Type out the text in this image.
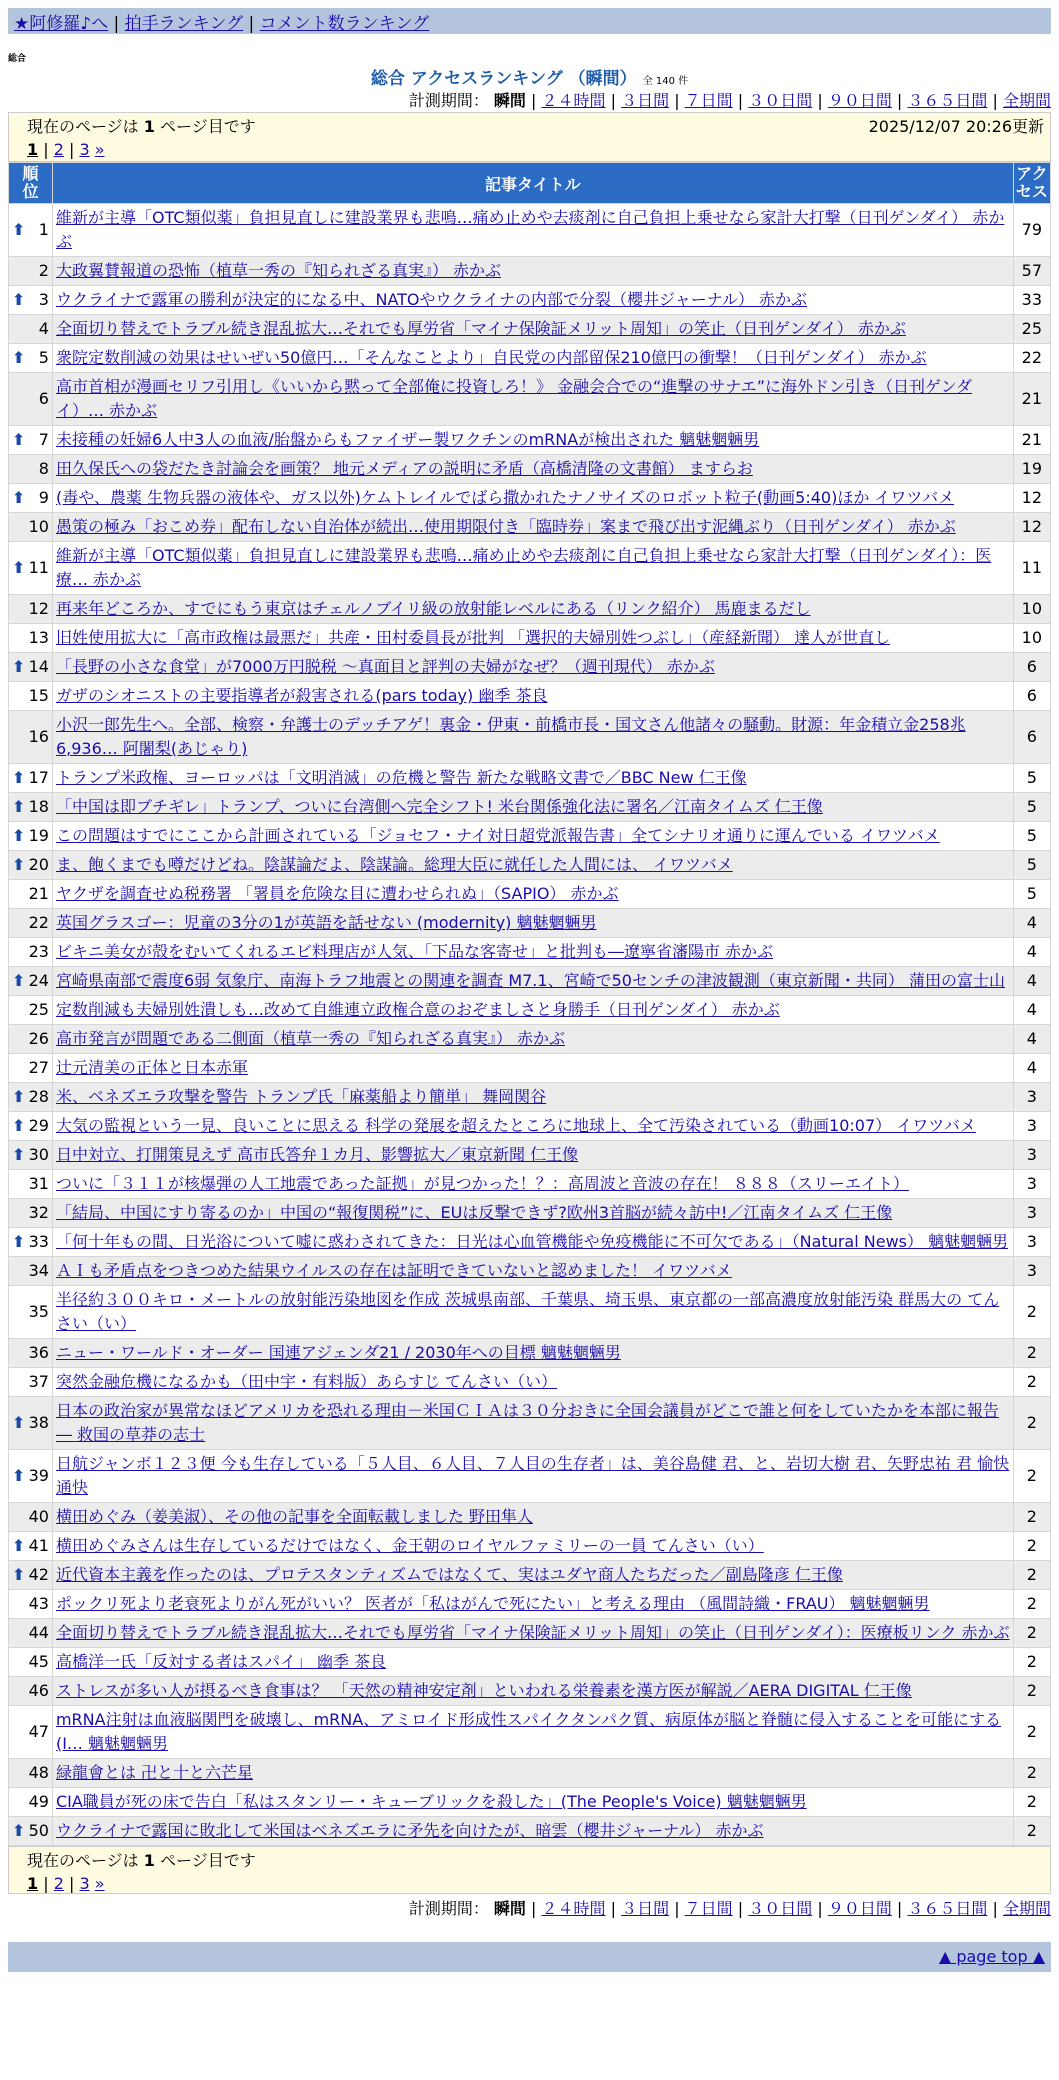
★阿修羅♪へ | 拍手ランキング | コメント数ランキング
総合
総合 アクセスランキング （瞬間） 全 140 件
計測期間： 瞬間 | ２４時間 | ３日間 | ７日間 | ３０日間 | ９０日間 | ３６５日間 | 全期間
現在のページは 1 ページ目です	2025/12/07 20:26更新
1 | 2 | 3 »
順位	記事タイトル	アクセス

⬆ 1	維新が主導「OTC類似薬」負担見直しに建設業界も悲鳴…痛め止めや去痰剤に自己負担上乗せなら家計大打撃（日刊ゲンダイ） 赤かぶ	79
2	大政翼賛報道の恐怖（植草一秀の『知られざる真実』） 赤かぶ	57

⬆ 3	ウクライナで露軍の勝利が決定的になる中、NATOやウクライナの内部で分裂（櫻井ジャーナル） 赤かぶ	33
4	全面切り替えでトラブル続き混乱拡大…それでも厚労省「マイナ保険証メリット周知」の笑止（日刊ゲンダイ） 赤かぶ	25

⬆ 5	衆院定数削減の効果はせいぜい50億円…「そんなことより」自民党の内部留保210億円の衝撃！（日刊ゲンダイ） 赤かぶ	22
6	高市首相が漫画セリフ引用し《いいから黙って全部俺に投資しろ！》 金融会合での“進撃のサナエ”に海外ドン引き（日刊ゲンダイ）… 赤かぶ	21

⬆ 7	未接種の妊婦6人中3人の血液/胎盤からもファイザー製ワクチンのmRNAが検出された 魑魅魍魎男	21
8	田久保氏への袋だたき討論会を画策？ 地元メディアの説明に矛盾（高橋清隆の文書館） ますらお	19

⬆ 9	(毒や、農薬 生物兵器の液体や、ガス以外)ケムトレイルでばら撒かれたナノサイズのロボット粒子(動画5:40)ほか イワツバメ	12
10	愚策の極み「おこめ券」配布しない自治体が続出…使用期限付き「臨時券」案まで飛び出す泥縄ぶり（日刊ゲンダイ） 赤かぶ	12

⬆ 11	維新が主導「OTC類似薬」負担見直しに建設業界も悲鳴…痛め止めや去痰剤に自己負担上乗せなら家計大打撃（日刊ゲンダイ）：医療… 赤かぶ	11
12	再来年どころか、すでにもう東京はチェルノブイリ級の放射能レベルにある（リンク紹介） 馬鹿まるだし	10
13	旧姓使用拡大に「高市政権は最悪だ」共産・田村委員長が批判 「選択的夫婦別姓つぶし」（産経新聞） 達人が世直し	10

⬆ 14	「長野の小さな食堂」が7000万円脱税 ～真面目と評判の夫婦がなぜ？（週刊現代） 赤かぶ	6
15	ガザのシオニストの主要指導者が殺害される(pars today) 幽季 茶良	6
16	小沢一郎先生へ。全部、検察・弁護士のデッチアゲ！裏金・伊東・前橋市長・国文さん他諸々の騒動。財源：年金積立金258兆6,936… 阿闍梨(あじゃり)	6

⬆ 17	トランプ米政権、ヨーロッパは「文明消滅」の危機と警告 新たな戦略文書で／BBC New 仁王像	5

⬆ 18	「中国は即ブチギレ」トランプ、ついに台湾側へ完全シフト! 米台関係強化法に署名／江南タイムズ 仁王像	5

⬆ 19	この問題はすでにここから計画されている「ジョセフ・ナイ対日超党派報告書」全てシナリオ通りに運んでいる イワツバメ	5

⬆ 20	ま、飽くまでも噂だけどね。陰謀論だよ、陰謀論。総理大臣に就任した人間には、 イワツバメ	5
21	ヤクザを調査せぬ税務署 「署員を危険な目に遭わせられぬ」（SAPIO） 赤かぶ	5
22	英国グラスゴー：児童の3分の1が英語を話せない (modernity) 魑魅魍魎男	4
23	ビキニ美女が殻をむいてくれるエビ料理店が人気、「下品な客寄せ」と批判も―遼寧省瀋陽市 赤かぶ	4

⬆ 24	宮崎県南部で震度6弱 気象庁、南海トラフ地震との関連を調査 M7.1、宮崎で50センチの津波観測（東京新聞・共同） 蒲田の富士山	4
25	定数削減も夫婦別姓潰しも…改めて自維連立政権合意のおぞましさと身勝手（日刊ゲンダイ） 赤かぶ	4
26	高市発言が問題である二側面（植草一秀の『知られざる真実』） 赤かぶ	4
27	辻元清美の正体と日本赤軍	4

⬆ 28	米、ベネズエラ攻撃を警告 トランプ氏「麻薬船より簡単」 舞岡関谷	3

⬆ 29	大気の監視という一見、良いことに思える 科学の発展を超えたところに地球上、全て汚染されている（動画10:07） イワツバメ	3

⬆ 30	日中対立、打開策見えず 高市氏答弁１カ月、影響拡大／東京新聞 仁王像	3
31	ついに「３１１が核爆弾の人工地震であった証拠」が見つかった！？：高周波と音波の存在！ ８８８（スリーエイト）	3
32	「結局、中国にすり寄るのか」中国の“報復関税”に、EUは反撃できず?欧州3首脳が続々訪中!／江南タイムズ 仁王像	3

⬆ 33	「何十年もの間、日光浴について嘘に惑わされてきた：日光は心血管機能や免疫機能に不可欠である」（Natural News） 魑魅魍魎男	3
34	ＡＩも矛盾点をつきつめた結果ウイルスの存在は証明できていないと認めました！ イワツバメ	3
35	半径約３００キロ・メートルの放射能汚染地図を作成 茨城県南部、千葉県、埼玉県、東京都の一部高濃度放射能汚染 群馬大の てんさい（い）	2
36	ニュー・ワールド・オーダー 国連アジェンダ21 / 2030年への目標 魑魅魍魎男	2
37	突然金融危機になるかも（田中宇・有料版）あらすじ てんさい（い）	2

⬆ 38	日本の政治家が異常なほどアメリカを恐れる理由－米国ＣＩＡは３０分おきに全国会議員がどこで誰と何をしていたかを本部に報告― 救国の草莽の志士	2

⬆ 39	日航ジャンボ１２３便 今も生存している「５人目、６人目、７人目の生存者」は、美谷島健 君、と、岩切大樹 君、矢野忠祐 君 愉快通快	2
40	横田めぐみ（姜美淑）、その他の記事を全面転載しました 野田隼人	2

⬆ 41	横田めぐみさんは生存しているだけではなく、金王朝のロイヤルファミリーの一員 てんさい（い）	2

⬆ 42	近代資本主義を作ったのは、プロテスタンティズムではなくて、実はユダヤ商人たちだった／副島隆彦 仁王像	2
43	ポックリ死より老衰死よりがん死がいい？ 医者が「私はがんで死にたい」と考える理由 （風間詩織・FRAU） 魑魅魍魎男	2
44	全面切り替えでトラブル続き混乱拡大…それでも厚労省「マイナ保険証メリット周知」の笑止（日刊ゲンダイ）：医療板リンク 赤かぶ	2
45	高橋洋一氏「反対する者はスパイ」 幽季 茶良	2
46	ストレスが多い人が摂るべき食事は？ 「天然の精神安定剤」といわれる栄養素を漢方医が解説／AERA DIGITAL 仁王像	2
47	mRNA注射は血液脳関門を破壊し、mRNA、アミロイド形成性スパイクタンパク質、病原体が脳と脊髄に侵入することを可能にする(I… 魑魅魍魎男	2
48	緑龍會とは 卍と十と六芒星	2
49	CIA職員が死の床で告白「私はスタンリー・キューブリックを殺した」(The People's Voice) 魑魅魍魎男	2

⬆ 50	ウクライナで露国に敗北して米国はベネズエラに矛先を向けたが、暗雲（櫻井ジャーナル） 赤かぶ	2
現在のページは 1 ページ目です
1 | 2 | 3 »
計測期間： 瞬間 | ２４時間 | ３日間 | ７日間 | ３０日間 | ９０日間 | ３６５日間 | 全期間
▲ page top ▲
